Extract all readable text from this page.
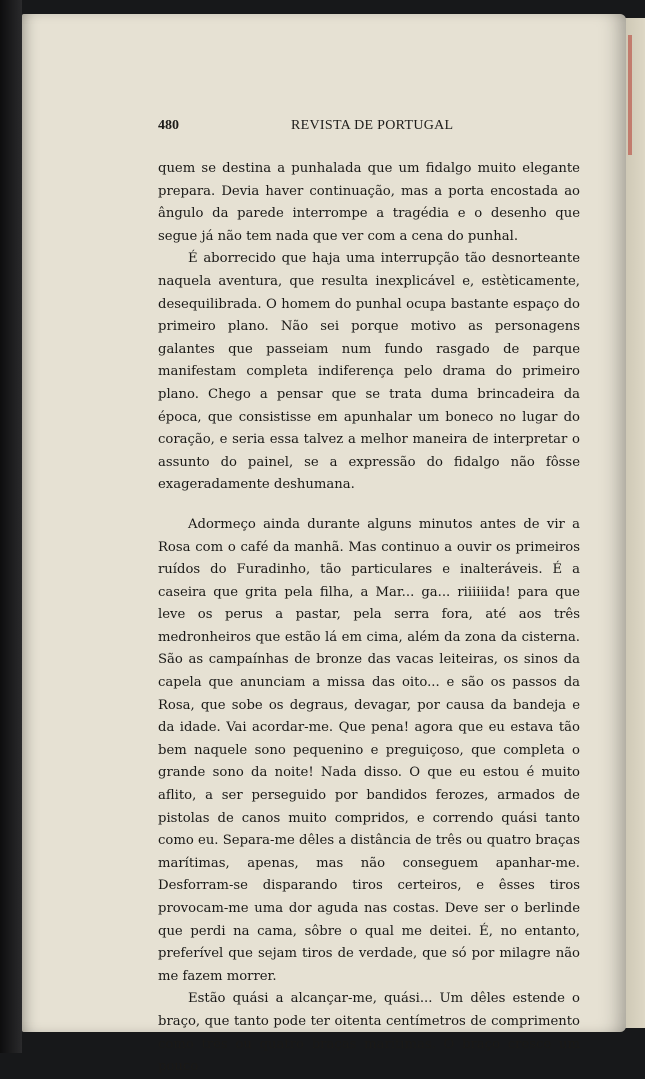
480	REVISTA DE PORTUGAL

quem se destina a punhalada que um fidalgo muito elegante prepara. Devia haver continuação, mas a porta encostada ao ângulo da parede interrompe a tragédia e o desenho que segue já não tem nada que ver com a cena do punhal.

É aborrecido que haja uma interrupção tão desnorteante naquela aventura, que resulta inexplicável e, estèticamente, desequilibrada. O homem do punhal ocupa bastante espaço do primeiro plano. Não sei porque motivo as personagens galantes que passeiam num fundo rasgado de parque manifestam completa indiferença pelo drama do primeiro plano. Chego a pensar que se trata duma brincadeira da época, que consistisse em apunhalar um boneco no lugar do coração, e seria essa talvez a melhor maneira de interpretar o assunto do painel, se a expressão do fidalgo não fôsse exageradamente deshumana.

Adormeço ainda durante alguns minutos antes de vir a Rosa com o café da manhã. Mas continuo a ouvir os primeiros ruídos do Furadinho, tão particulares e inalteráveis. É a caseira que grita pela filha, a Mar... ga... riiiiiida! para que leve os perus a pastar, pela serra fora, até aos três medronheiros que estão lá em cima, além da zona da cisterna. São as campaínhas de bronze das vacas leiteiras, os sinos da capela que anunciam a missa das oito... e são os passos da Rosa, que sobe os degraus, devagar, por causa da bandeja e da idade. Vai acordar-me. Que pena! agora que eu estava tão bem naquele sono pequenino e preguiçoso, que completa o grande sono da noite! Nada disso. O que eu estou é muito aflito, a ser perseguido por bandidos ferozes, armados de pistolas de canos muito compridos, e correndo quási tanto como eu. Separa-me dêles a distância de três ou quatro braças marítimas, apenas, mas não conseguem apanhar-me. Desforram-se disparando tiros certeiros, e êsses tiros provocam-me uma dor aguda nas costas. Deve ser o berlinde que perdi na cama, sôbre o qual me deitei. É, no entanto, preferível que sejam tiros de verdade, que só por milagre não me fazem morrer.

Estão quási a alcançar-me, quási... Um dêles estende o braço, que tanto pode ter oitenta centímetros de comprimento como três ou quatro braças marítimas. O braço cresce um pouco
